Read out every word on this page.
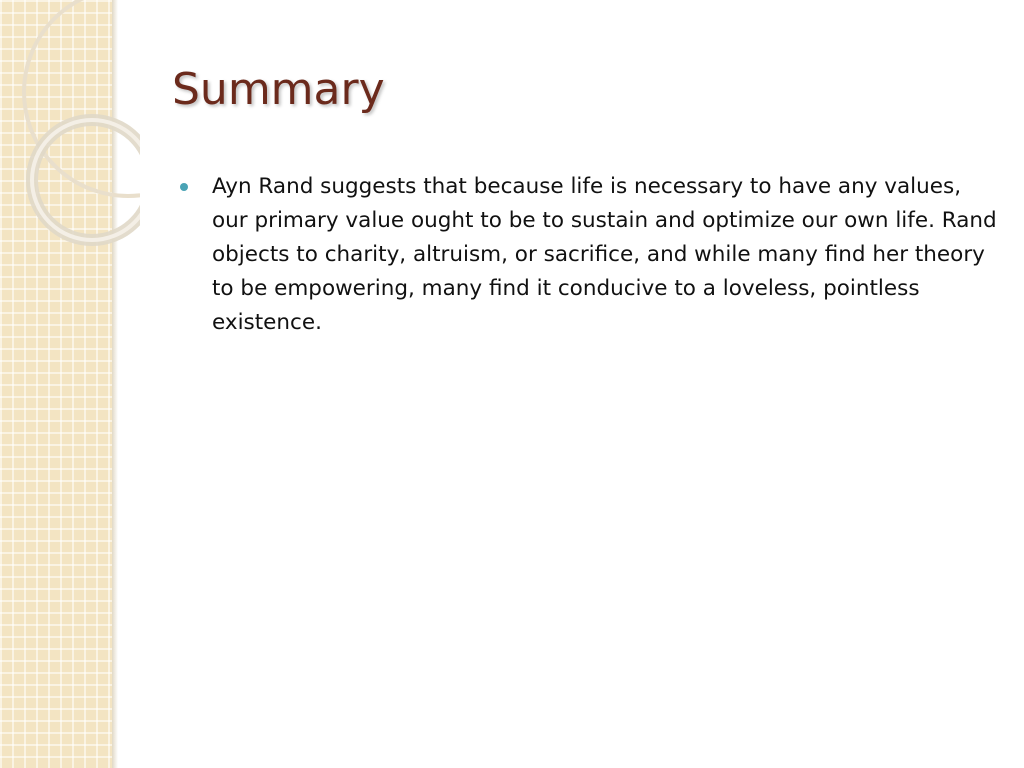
Summary
Ayn Rand suggests that because life is necessary to have any values, our primary value ought to be to sustain and optimize our own life. Rand objects to charity, altruism, or sacrifice, and while many find her theory to be empowering, many find it conducive to a loveless, pointless existence.
